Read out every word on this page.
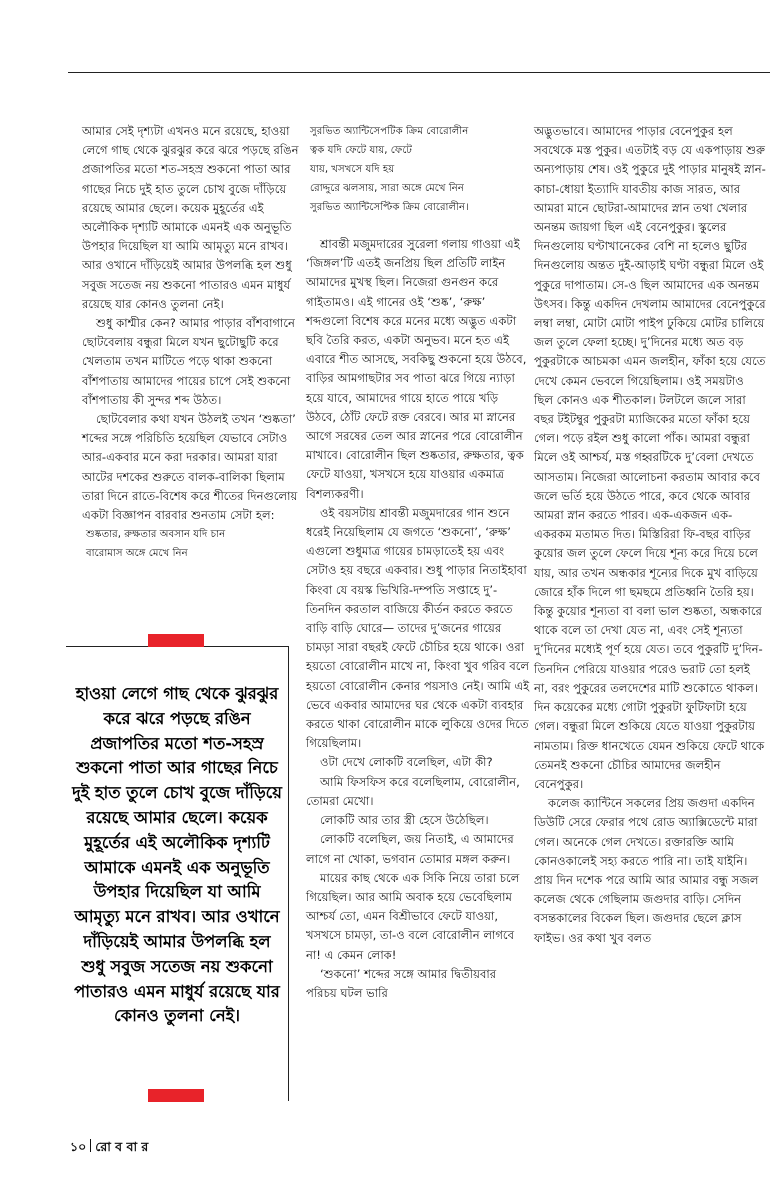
আমার সেই দৃশ্যটা এখনও মনে রয়েছে, হাওয়া লেগে গাছ থেকে ঝুরঝুর করে ঝরে পড়ছে রঙিন প্রজাপতির মতো শত-সহস্র শুকনো পাতা আর গাছের নিচে দুই হাত তুলে চোখ বুজে দাঁড়িয়ে রয়েছে আমার ছেলে। কয়েক মুহূর্তের এই অলৌকিক দৃশ্যটি আমাকে এমনই এক অনুভূতি উপহার দিয়েছিল যা আমি আমৃত্যু মনে রাখব। আর ওখানে দাঁড়িয়েই আমার উপলব্ধি হল শুধু সবুজ সতেজ নয় শুকনো পাতারও এমন মাধুর্য রয়েছে যার কোনও তুলনা নেই।

শুধু কাশ্মীর কেন? আমার পাড়ার বাঁশবাগানে ছোটবেলায় বন্ধুরা মিলে যখন ছুটোছুটি করে খেলতাম তখন মাটিতে পড়ে থাকা শুকনো বাঁশপাতায় আমাদের পায়ের চাপে সেই শুকনো বাঁশপাতায় কী সুন্দর শব্দ উঠত।

ছোটবেলার কথা যখন উঠলই তখন ‘শুষ্কতা’ শব্দের সঙ্গে পরিচিতি হয়েছিল যেভাবে সেটাও আর-একবার মনে করা দরকার। আমরা যারা আটের দশকের শুরুতে বালক-বালিকা ছিলাম তারা দিনে রাতে-বিশেষ করে শীতের দিনগুলোয় একটা বিজ্ঞাপন বারবার শুনতাম সেটা হল:

শুষ্কতার, রুক্ষতার অবসান যদি চান
বারোমাস অঙ্গে মেখে নিন
সুরভিত অ্যান্টিসেপটিক ক্রিম বোরোলীন
ত্বক যদি ফেটে যায়, ফেটে
যায়, খসখসে যদি হয়
রোদ্দুরে ঝলসায়, সারা অঙ্গে মেখে নিন
সুরভিত অ্যান্টিসেপ্টিক ক্রিম বোরোলীন।

শ্রাবন্তী মজুমদারের সুরেলা গলায় গাওয়া এই ‘জিঙ্গল’টি এতই জনপ্রিয় ছিল প্রতিটি লাইন আমাদের মুখস্থ ছিল। নিজেরা গুনগুন করে গাইতামও। এই গানের ওই ‘শুষ্ক’, ‘রুক্ষ’ শব্দগুলো বিশেষ করে মনের মধ্যে অদ্ভুত একটা ছবি তৈরি করত, একটা অনুভব। মনে হত এই এবারে শীত আসছে, সবকিছু শুকনো হয়ে উঠবে, বাড়ির আমগাছটার সব পাতা ঝরে গিয়ে ন্যাড়া হয়ে যাবে, আমাদের গায়ে হাতে পায়ে খড়ি উঠবে, ঠোঁট ফেটে রক্ত বেরবে। আর মা স্নানের আগে সরষের তেল আর স্নানের পরে বোরোলীন মাখাবে। বোরোলীন ছিল শুষ্কতার, রুক্ষতার, ত্বক ফেটে যাওয়া, খসখসে হয়ে যাওয়ার একমাত্র বিশল্যকরণী।

ওই বয়সটায় শ্রাবন্তী মজুমদারের গান শুনে ধরেই নিয়েছিলাম যে জগতে ‘শুকনো’, ‘রুক্ষ’ এগুলো শুধুমাত্র গায়ের চামড়াতেই হয় এবং সেটাও হয় বছরে একবার। শুধু পাড়ার নিতাইহাবা কিংবা যে বয়স্ক ভিখিরি-দম্পতি সপ্তাহে দু’-তিনদিন করতাল বাজিয়ে কীর্তন করতে করতে বাড়ি বাড়ি ঘোরে— তাদের দু’জনের গায়ের চামড়া সারা বছরই ফেটে চৌচির হয়ে থাকে। ওরা হয়তো বোরোলীন মাখে না, কিংবা খুব গরিব বলে হয়তো বোরোলীন কেনার পয়সাও নেই। আমি এই ভেবে একবার আমাদের ঘর থেকে একটা ব্যবহার করতে থাকা বোরোলীন মাকে লুকিয়ে ওদের দিতে গিয়েছিলাম।

ওটা দেখে লোকটি বলেছিল, এটা কী?

আমি ফিসফিস করে বলেছিলাম, বোরোলীন, তোমরা মেখো।

লোকটি আর তার স্ত্রী হেসে উঠেছিল।

লোকটি বলেছিল, জয় নিতাই, এ আমাদের লাগে না খোকা, ভগবান তোমার মঙ্গল করুন।

মায়ের কাছ থেকে এক সিকি নিয়ে তারা চলে গিয়েছিল। আর আমি অবাক হয়ে ভেবেছিলাম আশ্চর্য তো, এমন বিশ্রীভাবে ফেটে যাওয়া, খসখসে চামড়া, তা-ও বলে বোরোলীন লাগবে না! এ কেমন লোক!

‘শুকনো’ শব্দের সঙ্গে আমার দ্বিতীয়বার পরিচয় ঘটল ভারি

অদ্ভুতভাবে। আমাদের পাড়ার বেনেপুকুর হল সবথেকে মস্ত পুকুর। এতটাই বড় যে একপাড়ায় শুরু অন্যপাড়ায় শেষ। ওই পুকুরে দুই পাড়ার মানুষই স্নান-কাচা-ধোয়া ইত্যাদি যাবতীয় কাজ সারত, আর আমরা মানে ছোটরা-আমাদের স্নান তথা খেলার অনন্তম জায়গা ছিল এই বেনেপুকুর। স্কুলের দিনগুলোয় ঘণ্টাখানেকের বেশি না হলেও ছুটির দিনগুলোয় অন্তত দুই-আড়াই ঘণ্টা বন্ধুরা মিলে ওই পুকুরে দাপাতাম। সে-ও ছিল আমাদের এক অনন্তম উৎসব। কিন্তু একদিন দেখলাম আমাদের বেনেপুকুরে লম্বা লম্বা, মোটা মোটা পাইপ ঢুকিয়ে মোটর চালিয়ে জল তুলে ফেলা হচ্ছে। দু’দিনের মধ্যে অত বড় পুকুরটাকে আচমকা এমন জলহীন, ফাঁকা হয়ে যেতে দেখে কেমন ভেবলে গিয়েছিলাম। ওই সময়টাও ছিল কোনও এক শীতকাল। টলটলে জলে সারা বছর টইটম্বুর পুকুরটা ম্যাজিকের মতো ফাঁকা হয়ে গেল। পড়ে রইল শুধু কালো পাঁক। আমরা বন্ধুরা মিলে ওই আশ্চর্য, মস্ত গহ্বরটিকে দু’বেলা দেখতে আসতাম। নিজেরা আলোচনা করতাম আবার কবে জলে ভর্তি হয়ে উঠতে পারে, কবে থেকে আবার আমরা স্নান করতে পারব। এক-একজন এক-একরকম মতামত দিত। মিস্তিরিরা ফি-বছর বাড়ির কুয়োর জল তুলে ফেলে দিয়ে শূন্য করে দিয়ে চলে যায়, আর তখন অন্ধকার শূন্যের দিকে মুখ বাড়িয়ে জোরে হাঁক দিলে গা ছমছমে প্রতিধ্বনি তৈরি হয়। কিন্তু কুয়োর শূন্যতা বা বলা ভাল শুষ্কতা, অন্ধকারে থাকে বলে তা দেখা যেত না, এবং সেই শূন্যতা দু’দিনের মধ্যেই পূর্ণ হয়ে যেত। তবে পুকুরটি দু’দিন-তিনদিন পেরিয়ে যাওয়ার পরেও ভরাট তো হলই না, বরং পুকুরের তলদেশের মাটি শুকোতে থাকল। দিন কয়েকের মধ্যে গোটা পুকুরটা ফুটিফাটা হয়ে গেল। বন্ধুরা মিলে শুকিয়ে যেতে যাওয়া পুকুরটায় নামতাম। রিক্ত ধানখেতে যেমন শুকিয়ে ফেটে থাকে তেমনই শুকনো চৌচির আমাদের জলহীন বেনেপুকুর।

কলেজ ক্যান্টিনে সকলের প্রিয় জগুদা একদিন ডিউটি সেরে ফেরার পথে রোড অ্যাক্সিডেন্টে মারা গেল। অনেকে গেল দেখতে। রক্তারক্তি আমি কোনওকালেই সহ্য করতে পারি না। তাই যাইনি। প্রায় দিন দশেক পরে আমি আর আমার বন্ধু সজল কলেজ থেকে গেছিলাম জগুদার বাড়ি। সেদিন বসন্তকালের বিকেল ছিল। জগুদার ছেলে ক্লাস ফাইভ। ওর কথা খুব বলত

হাওয়া লেগে গাছ থেকে ঝুরঝুর করে ঝরে পড়ছে রঙিন প্রজাপতির মতো শত-সহস্র শুকনো পাতা আর গাছের নিচে দুই হাত তুলে চোখ বুজে দাঁড়িয়ে রয়েছে আমার ছেলে। কয়েক মুহূর্তের এই অলৌকিক দৃশ্যটি আমাকে এমনই এক অনুভূতি উপহার দিয়েছিল যা আমি আমৃত্যু মনে রাখব। আর ওখানে দাঁড়িয়েই আমার উপলব্ধি হল শুধু সবুজ সতেজ নয় শুকনো পাতারও এমন মাধুর্য রয়েছে যার কোনও তুলনা নেই।
১০ রো ব বা র
